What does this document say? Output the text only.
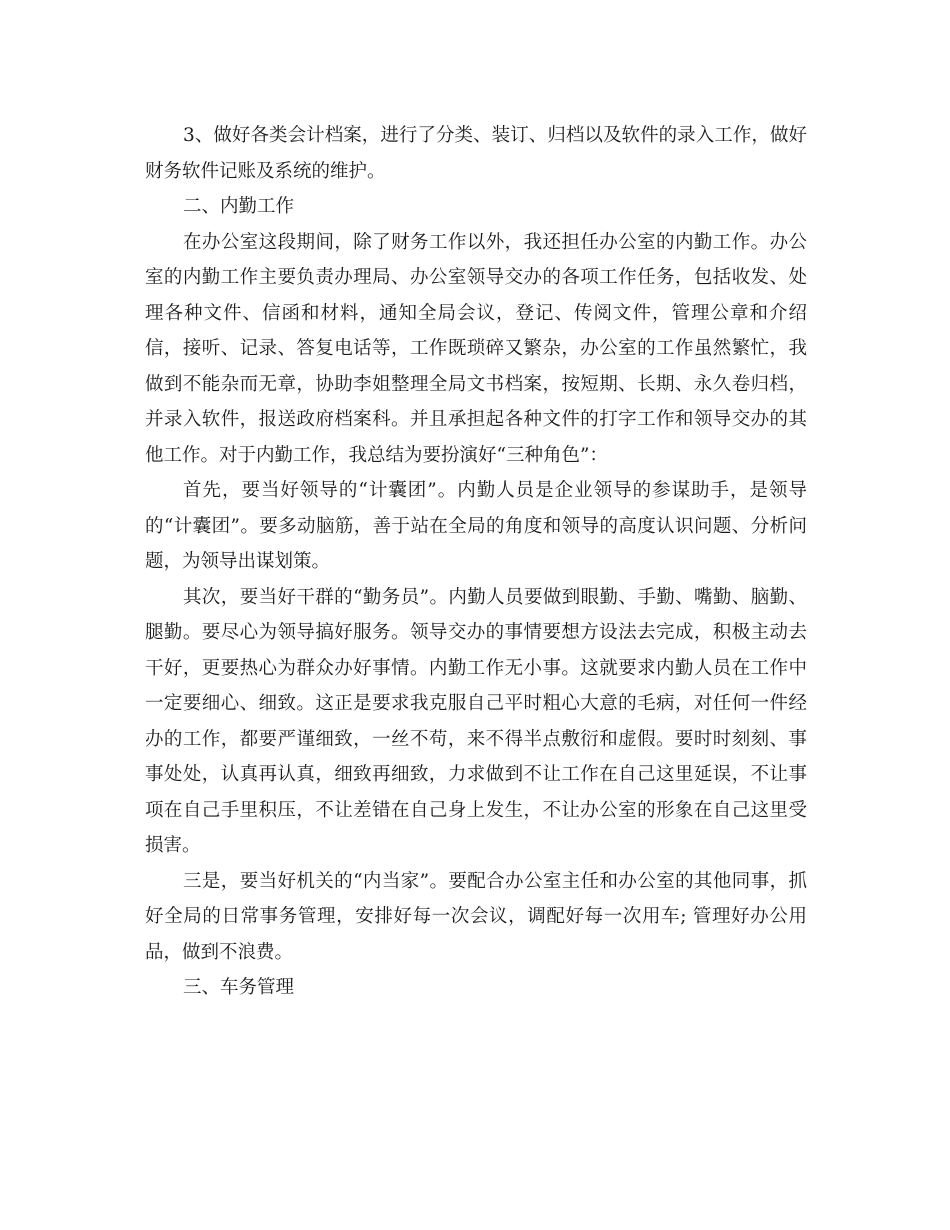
3、做好各类会计档案，进行了分类、装订、归档以及软件的录入工作，做好财务软件记账及系统的维护。

二、内勤工作

在办公室这段期间，除了财务工作以外，我还担任办公室的内勤工作。办公室的内勤工作主要负责办理局、办公室领导交办的各项工作任务，包括收发、处理各种文件、信函和材料，通知全局会议，登记、传阅文件，管理公章和介绍信，接听、记录、答复电话等，工作既琐碎又繁杂，办公室的工作虽然繁忙，我做到不能杂而无章，协助李姐整理全局文书档案，按短期、长期、永久卷归档，并录入软件，报送政府档案科。并且承担起各种文件的打字工作和领导交办的其他工作。对于内勤工作，我总结为要扮演好“三种角色”：

首先，要当好领导的“计囊团”。内勤人员是企业领导的参谋助手，是领导的“计囊团”。要多动脑筋，善于站在全局的角度和领导的高度认识问题、分析问题，为领导出谋划策。

其次，要当好干群的“勤务员”。内勤人员要做到眼勤、手勤、嘴勤、脑勤、腿勤。要尽心为领导搞好服务。领导交办的事情要想方设法去完成，积极主动去干好，更要热心为群众办好事情。内勤工作无小事。这就要求内勤人员在工作中一定要细心、细致。这正是要求我克服自己平时粗心大意的毛病，对任何一件经办的工作，都要严谨细致，一丝不苟，来不得半点敷衍和虚假。要时时刻刻、事事处处，认真再认真，细致再细致，力求做到不让工作在自己这里延误，不让事项在自己手里积压，不让差错在自己身上发生，不让办公室的形象在自己这里受损害。

三是，要当好机关的“内当家”。要配合办公室主任和办公室的其他同事，抓好全局的日常事务管理，安排好每一次会议，调配好每一次用车; 管理好办公用品，做到不浪费。

三、车务管理
